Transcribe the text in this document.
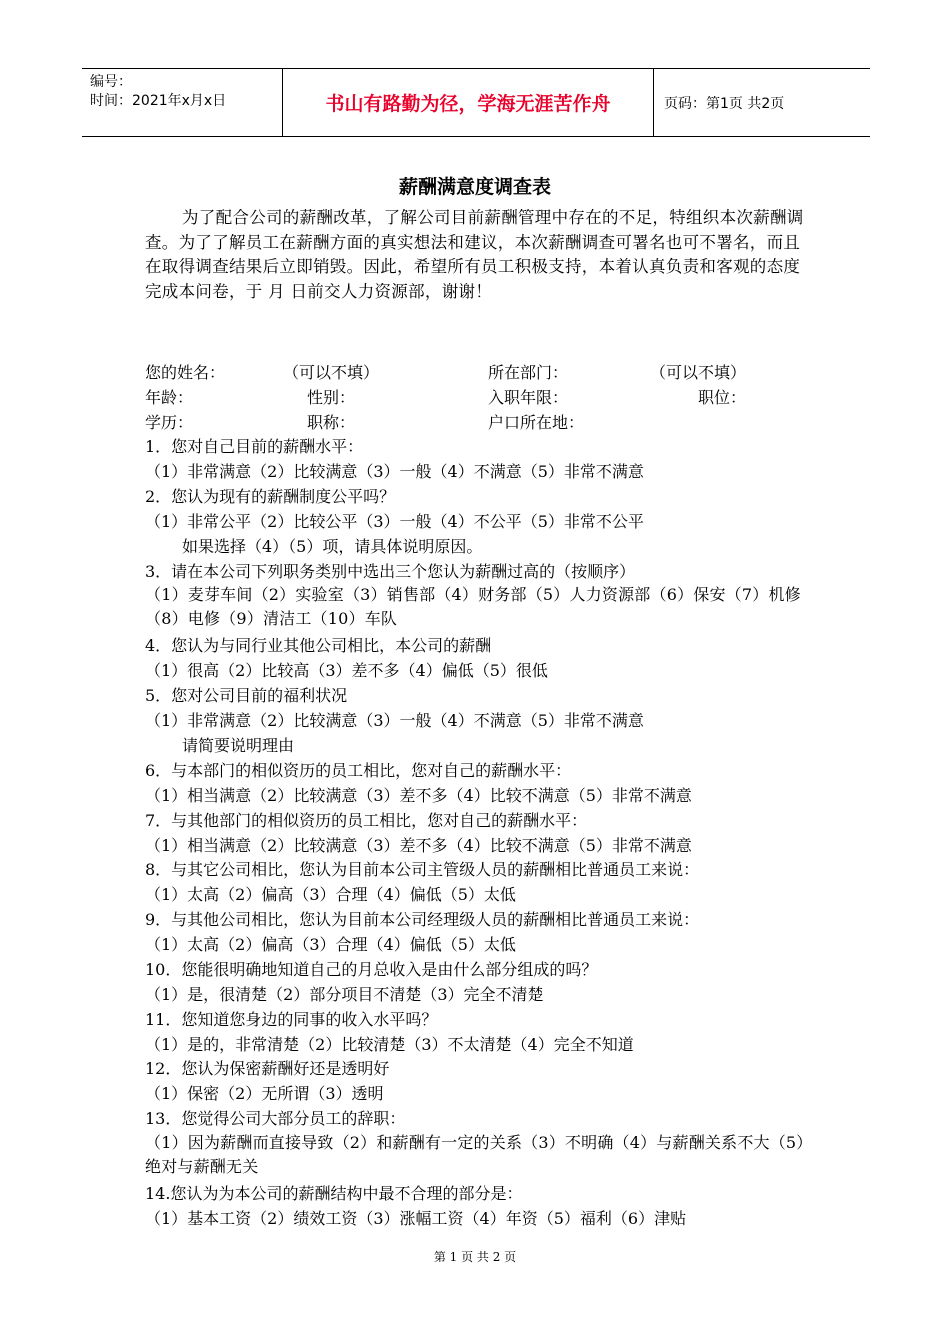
编号：
时间：2021年x月x日	书山有路勤为径，学海无涯苦作舟	页码：第1页 共2页
薪酬满意度调查表
为了配合公司的薪酬改革，了解公司目前薪酬管理中存在的不足，特组织本次薪酬调查。为了了解员工在薪酬方面的真实想法和建议，本次薪酬调查可署名也可不署名，而且在取得调查结果后立即销毁。因此，希望所有员工积极支持，本着认真负责和客观的态度完成本问卷，于 月 日前交人力资源部，谢谢！
您的姓名：	（可以不填）	所在部门：	（可以不填）
年龄：	性别：	入职年限：	职位：
学历：	职称：	户口所在地：
1．您对自己目前的薪酬水平：
（1）非常满意（2）比较满意（3）一般（4）不满意（5）非常不满意
2．您认为现有的薪酬制度公平吗？
（1）非常公平（2）比较公平（3）一般（4）不公平（5）非常不公平
如果选择（4）（5）项，请具体说明原因。
3．请在本公司下列职务类别中选出三个您认为薪酬过高的（按顺序）
（1）麦芽车间（2）实验室（3）销售部（4）财务部（5）人力资源部（6）保安（7）机修（8）电修（9）清洁工（10）车队
4．您认为与同行业其他公司相比，本公司的薪酬
（1）很高（2）比较高（3）差不多（4）偏低（5）很低
5．您对公司目前的福利状况
（1）非常满意（2）比较满意（3）一般（4）不满意（5）非常不满意
请简要说明理由
6．与本部门的相似资历的员工相比，您对自己的薪酬水平：
（1）相当满意（2）比较满意（3）差不多（4）比较不满意（5）非常不满意
7．与其他部门的相似资历的员工相比，您对自己的薪酬水平：
（1）相当满意（2）比较满意（3）差不多（4）比较不满意（5）非常不满意
8．与其它公司相比，您认为目前本公司主管级人员的薪酬相比普通员工来说：
（1）太高（2）偏高（3）合理（4）偏低（5）太低
9．与其他公司相比，您认为目前本公司经理级人员的薪酬相比普通员工来说：
（1）太高（2）偏高（3）合理（4）偏低（5）太低
10．您能很明确地知道自己的月总收入是由什么部分组成的吗？
（1）是，很清楚（2）部分项目不清楚（3）完全不清楚
11．您知道您身边的同事的收入水平吗？
（1）是的，非常清楚（2）比较清楚（3）不太清楚（4）完全不知道
12．您认为保密薪酬好还是透明好
（1）保密（2）无所谓（3）透明
13．您觉得公司大部分员工的辞职：
（1）因为薪酬而直接导致（2）和薪酬有一定的关系（3）不明确（4）与薪酬关系不大（5）绝对与薪酬无关
14.您认为为本公司的薪酬结构中最不合理的部分是：
（1）基本工资（2）绩效工资（3）涨幅工资（4）年资（5）福利（6）津贴
第 1 页 共 2 页
